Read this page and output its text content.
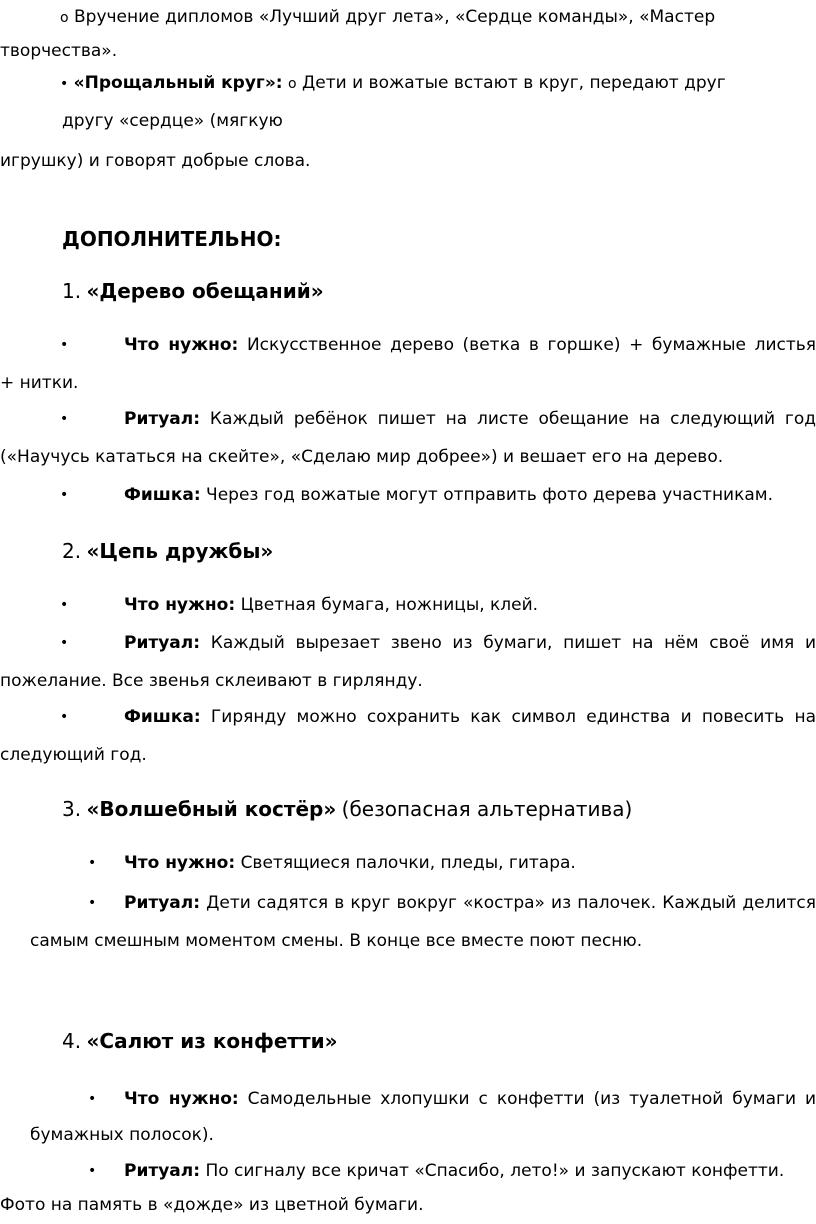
o Вручение дипломов «Лучший друг лета», «Сердце команды», «Мастер
творчества».
• «Прощальный круг»: o Дети и вожатые встают в круг, передают друг
другу «сердце» (мягкую
игрушку) и говорят добрые слова.
ДОПОЛНИТЕЛЬНО:
1. «Дерево обещаний»
•	Что нужно: Искусственное дерево (ветка в горшке) + бумажные листья
+ нитки.
•	Ритуал: Каждый ребёнок пишет на листе обещание на следующий год
(«Научусь кататься на скейте», «Сделаю мир добрее») и вешает его на дерево.
•	Фишка: Через год вожатые могут отправить фото дерева участникам.
2. «Цепь дружбы»
•	Что нужно: Цветная бумага, ножницы, клей.
•	Ритуал: Каждый вырезает звено из бумаги, пишет на нём своё имя и
пожелание. Все звенья склеивают в гирлянду.
•	Фишка: Гирянду можно сохранить как символ единства и повесить на
следующий год.
3. «Волшебный костёр» (безопасная альтернатива)
• Что нужно: Светящиеся палочки, пледы, гитара.
• Ритуал: Дети садятся в круг вокруг «костра» из палочек. Каждый делится
самым смешным моментом смены. В конце все вместе поют песню.
4. «Салют из конфетти»
• Что нужно: Самодельные хлопушки с конфетти (из туалетной бумаги и
бумажных полосок).
• Ритуал: По сигналу все кричат «Спасибо, лето!» и запускают конфетти.
Фото на память в «дожде» из цветной бумаги.
